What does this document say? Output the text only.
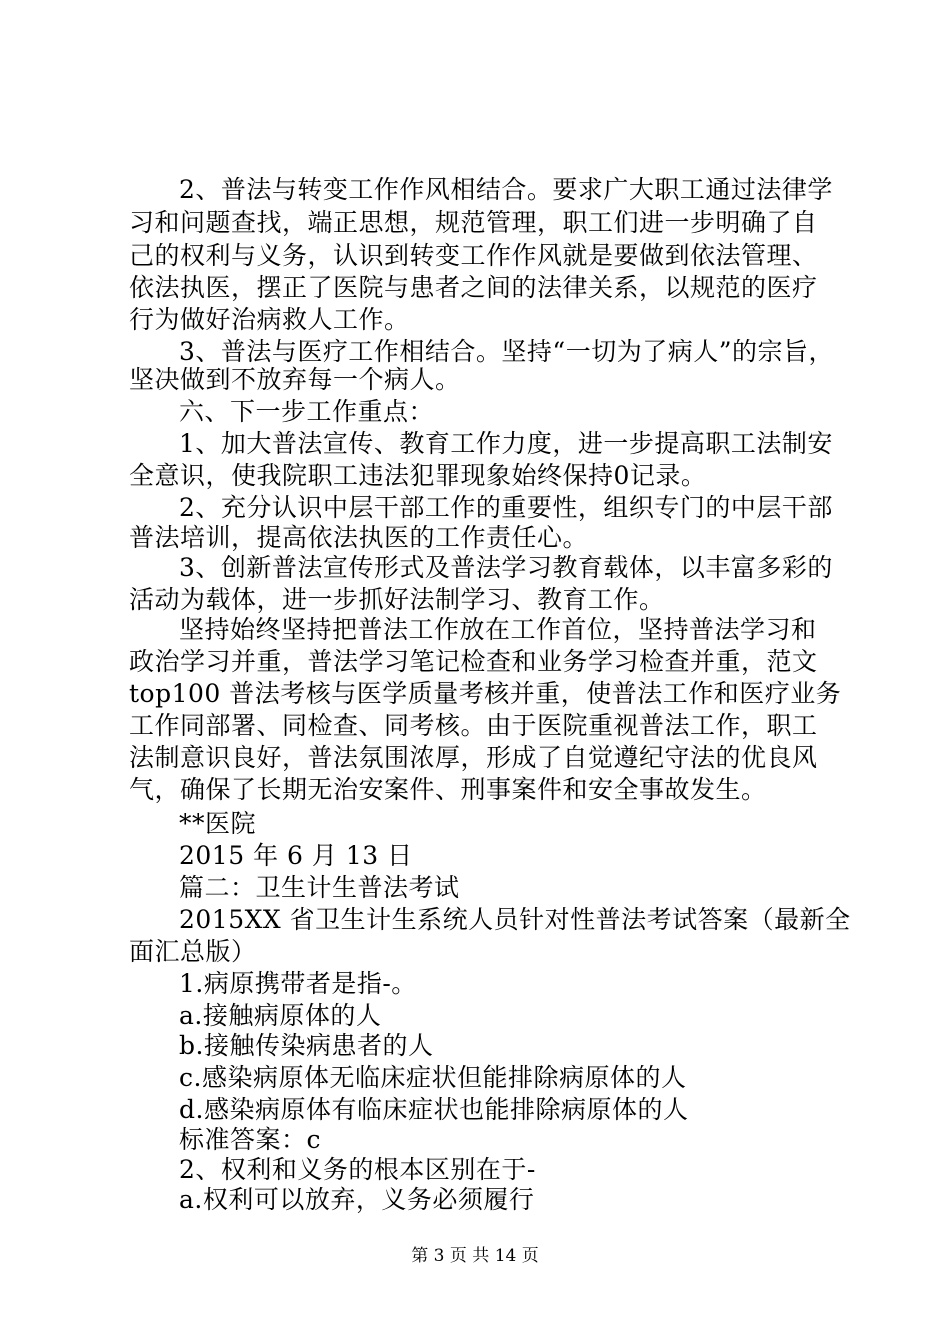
2、普法与转变工作作风相结合。要求广大职工通过法律学
习和问题查找，端正思想，规范管理，职工们进一步明确了自
己的权利与义务，认识到转变工作作风就是要做到依法管理、
依法执医，摆正了医院与患者之间的法律关系，以规范的医疗
行为做好治病救人工作。
3、普法与医疗工作相结合。坚持“一切为了病人”的宗旨，
坚决做到不放弃每一个病人。
六、下一步工作重点：
1、加大普法宣传、教育工作力度，进一步提高职工法制安
全意识，使我院职工违法犯罪现象始终保持0记录。
2、充分认识中层干部工作的重要性，组织专门的中层干部
普法培训，提高依法执医的工作责任心。
3、创新普法宣传形式及普法学习教育载体，以丰富多彩的
活动为载体，进一步抓好法制学习、教育工作。
坚持始终坚持把普法工作放在工作首位，坚持普法学习和
政治学习并重，普法学习笔记检查和业务学习检查并重，范文
top100 普法考核与医学质量考核并重，使普法工作和医疗业务
工作同部署、同检查、同考核。由于医院重视普法工作，职工
法制意识良好，普法氛围浓厚，形成了自觉遵纪守法的优良风
气，确保了长期无治安案件、刑事案件和安全事故发生。
**医院
2015 年 6 月 13 日
篇二：卫生计生普法考试
2015XX 省卫生计生系统人员针对性普法考试答案（最新全
面汇总版）
1.病原携带者是指-。
a.接触病原体的人
b.接触传染病患者的人
c.感染病原体无临床症状但能排除病原体的人
d.感染病原体有临床症状也能排除病原体的人
标准答案：c
2、权利和义务的根本区别在于-
a.权利可以放弃，义务必须履行
第 3 页 共 14 页
